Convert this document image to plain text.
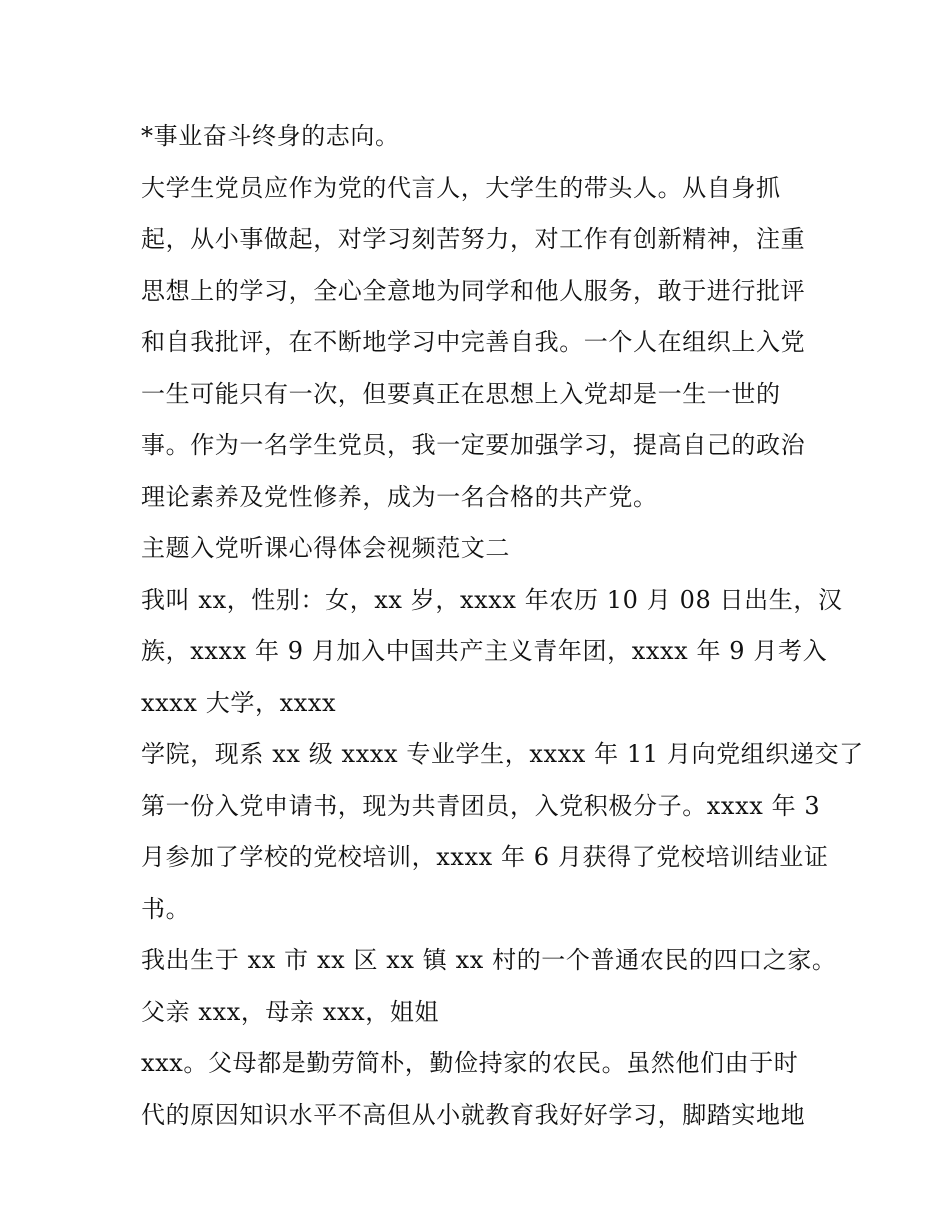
*事业奋斗终身的志向。
大学生党员应作为党的代言人，大学生的带头人。从自身抓
起，从小事做起，对学习刻苦努力，对工作有创新精神，注重
思想上的学习，全心全意地为同学和他人服务，敢于进行批评
和自我批评，在不断地学习中完善自我。一个人在组织上入党
一生可能只有一次，但要真正在思想上入党却是一生一世的
事。作为一名学生党员，我一定要加强学习，提高自己的政治
理论素养及党性修养，成为一名合格的共产党。
主题入党听课心得体会视频范文二
我叫 xx，性别：女，xx 岁，xxxx 年农历 10 月 08 日出生，汉
族，xxxx 年 9 月加入中国共产主义青年团，xxxx 年 9 月考入
xxxx 大学，xxxx
学院，现系 xx 级 xxxx 专业学生，xxxx 年 11 月向党组织递交了
第一份入党申请书，现为共青团员，入党积极分子。xxxx 年 3
月参加了学校的党校培训，xxxx 年 6 月获得了党校培训结业证
书。
我出生于 xx 市 xx 区 xx 镇 xx 村的一个普通农民的四口之家。
父亲 xxx，母亲 xxx，姐姐
xxx。父母都是勤劳简朴，勤俭持家的农民。虽然他们由于时
代的原因知识水平不高但从小就教育我好好学习，脚踏实地地
